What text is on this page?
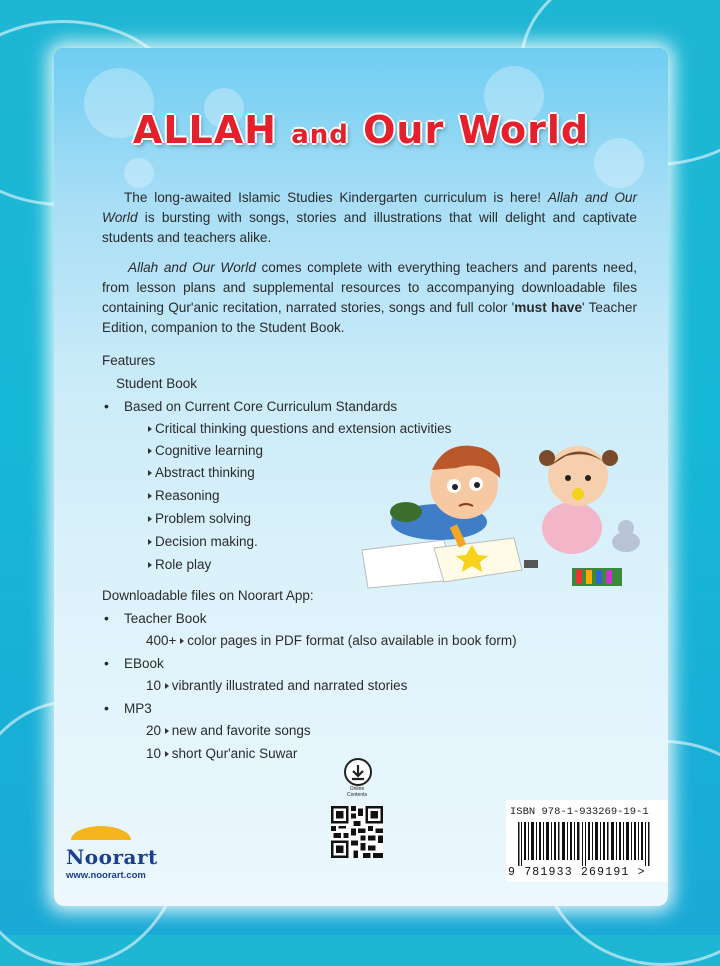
ALLAH and Our World
The long-awaited Islamic Studies Kindergarten curriculum is here! Allah and Our World is bursting with songs, stories and illustrations that will delight and captivate students and teachers alike.
Allah and Our World comes complete with everything teachers and parents need, from lesson plans and supplemental resources to accompanying downloadable files containing Qur'anic recitation, narrated stories, songs and full color 'must have' Teacher Edition, companion to the Student Book.
Features
Student Book
• Based on Current Core Curriculum Standards
Critical thinking questions and extension activities
Cognitive learning
Abstract thinking
Reasoning
Problem solving
Decision making.
Role play
Downloadable files on Noorart App:
• Teacher Book
400+ color pages in PDF format (also available in book form)
• EBook
10 vibrantly illustrated and narrated stories
• MP3
20 new and favorite songs
10 short Qur'anic Suwar
Online
Contents
Noorart
www.noorart.com
ISBN 978-1-933269-19-1
9 781933 269191 >
